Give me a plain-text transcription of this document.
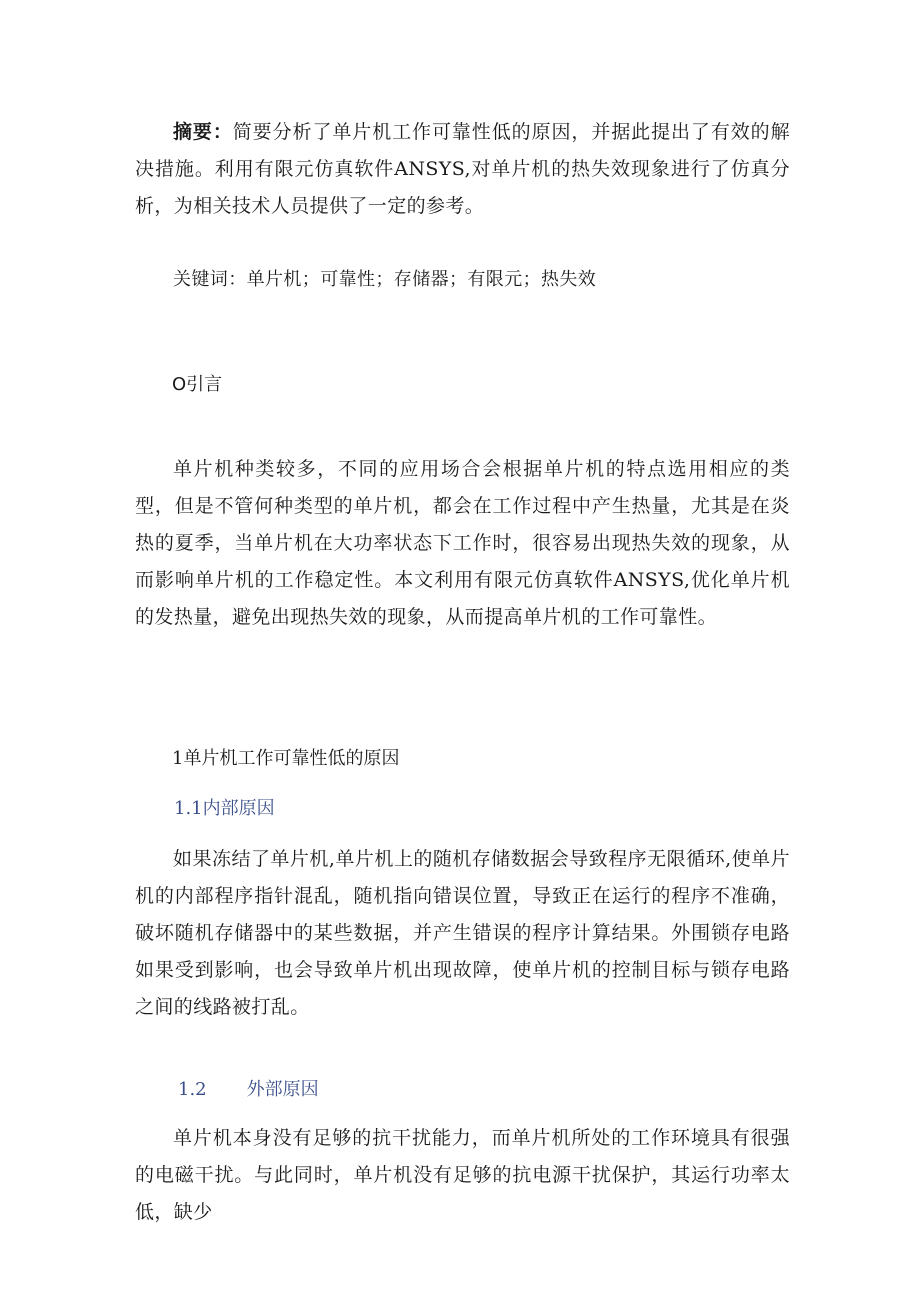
摘要：简要分析了单片机工作可靠性低的原因，并据此提出了有效的解决措施。利用有限元仿真软件ANSYS,对单片机的热失效现象进行了仿真分析，为相关技术人员提供了一定的参考。

关键词：单片机；可靠性；存储器；有限元；热失效

O引言

单片机种类较多，不同的应用场合会根据单片机的特点选用相应的类型，但是不管何种类型的单片机，都会在工作过程中产生热量，尤其是在炎热的夏季，当单片机在大功率状态下工作时，很容易出现热失效的现象，从而影响单片机的工作稳定性。本文利用有限元仿真软件ANSYS,优化单片机的发热量，避免出现热失效的现象，从而提高单片机的工作可靠性。

1单片机工作可靠性低的原因

1.1内部原因

如果冻结了单片机,单片机上的随机存储数据会导致程序无限循环,使单片机的内部程序指针混乱，随机指向错误位置，导致正在运行的程序不准确，破坏随机存储器中的某些数据，并产生错误的程序计算结果。外围锁存电路如果受到影响，也会导致单片机出现故障，使单片机的控制目标与锁存电路之间的线路被打乱。

1.2 外部原因

单片机本身没有足够的抗干扰能力，而单片机所处的工作环境具有很强的电磁干扰。与此同时，单片机没有足够的抗电源干扰保护，其运行功率太低，缺少
